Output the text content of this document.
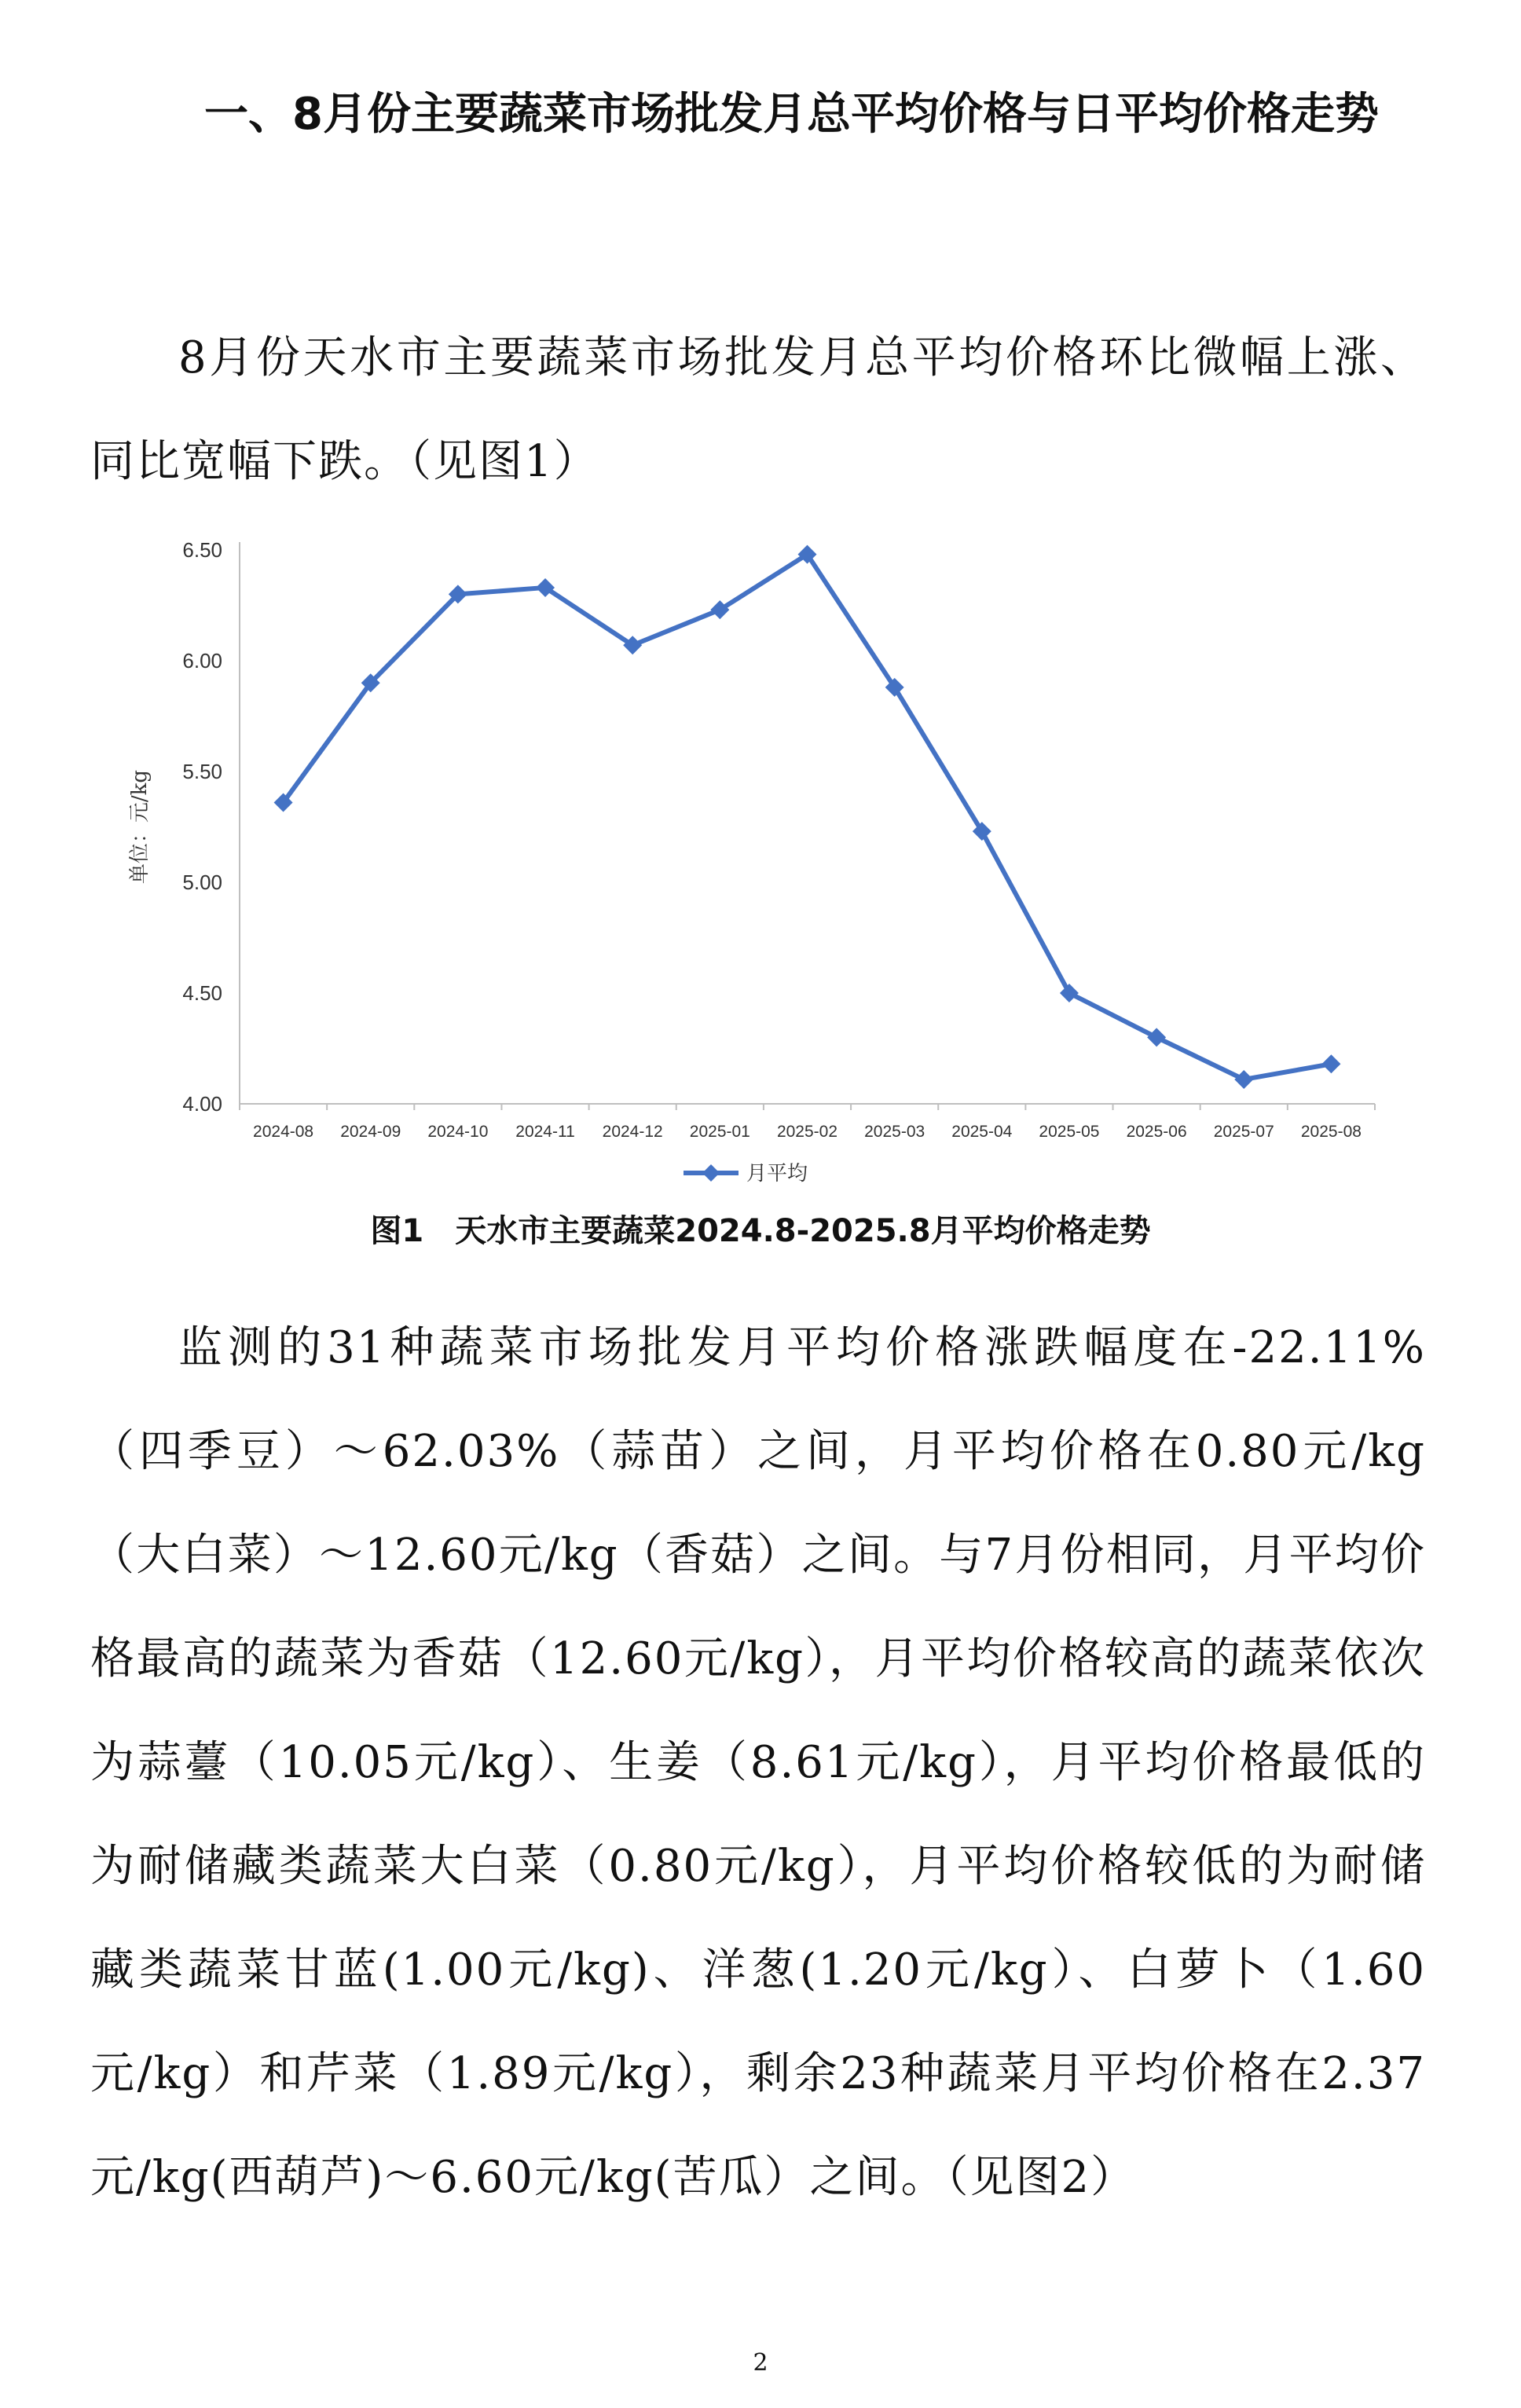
一、8月份主要蔬菜市场批发月总平均价格与日平均价格走势

8月份天水市主要蔬菜市场批发月总平均价格环比微幅上涨、同比宽幅下跌。（见图1）

4.00
4.50
5.00
5.50
6.00
6.50
2024-08 2024-09 2024-10 2024-11 2024-12 2025-01 2025-02 2025-03 2025-04 2025-05 2025-06 2025-07 2025-08
单位：元/kg
月平均

图1　天水市主要蔬菜2024.8-2025.8月平均价格走势

监测的31种蔬菜市场批发月平均价格涨跌幅度在-22.11%（四季豆）～62.03%（蒜苗）之间，月平均价格在0.80元/kg（大白菜）～12.60元/kg（香菇）之间。与7月份相同，月平均价格最高的蔬菜为香菇（12.60元/kg），月平均价格较高的蔬菜依次为蒜薹（10.05元/kg）、生姜（8.61元/kg），月平均价格最低的为耐储藏类蔬菜大白菜（0.80元/kg），月平均价格较低的为耐储藏类蔬菜甘蓝(1.00元/kg)、洋葱(1.20元/kg）、白萝卜（1.60元/kg）和芹菜（1.89元/kg），剩余23种蔬菜月平均价格在2.37元/kg(西葫芦)～6.60元/kg(苦瓜）之间。（见图2）

2
